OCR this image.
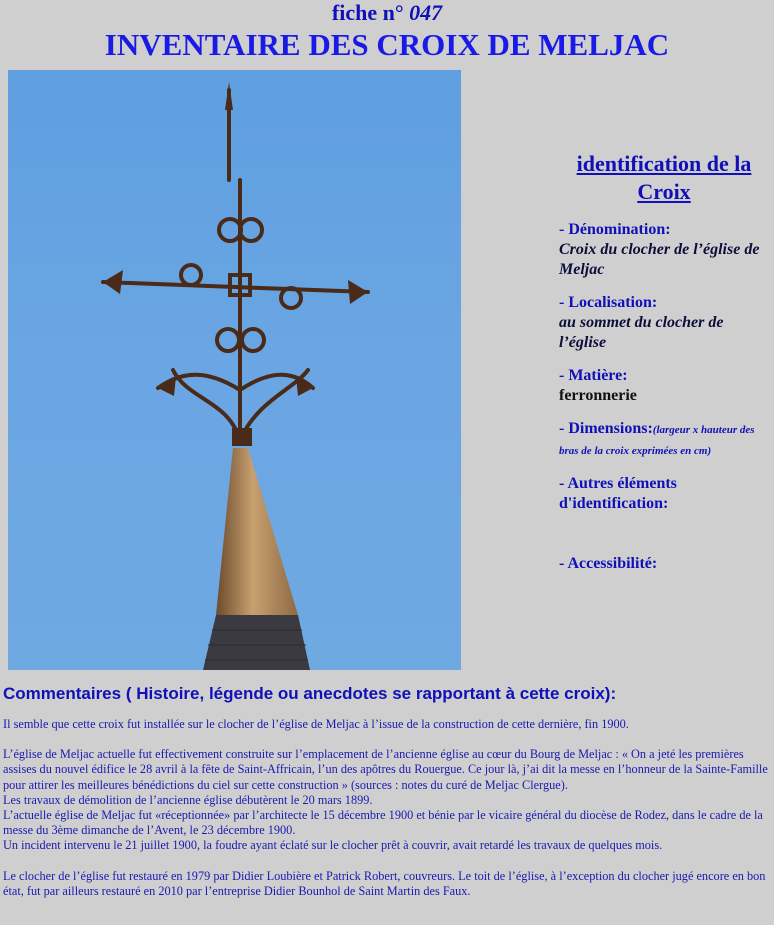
fiche n° 047
INVENTAIRE DES CROIX DE MELJAC
identification de la Croix
- Dénomination:
Croix du clocher de l’église de Meljac
- Localisation:
au sommet du clocher de l’église
- Matière:
ferronnerie
- Dimensions:(largeur x hauteur des bras de la croix exprimées en cm)
- Autres éléments d'identification:
- Accessibilité:
Commentaires ( Histoire, légende ou anecdotes se rapportant à cette croix):

Il semble que cette croix fut installée sur le clocher de l’église de Meljac à l’issue de la construction de cette dernière, fin 1900.

L’église de Meljac actuelle fut effectivement construite sur l’emplacement de l’ancienne église au cœur du Bourg de Meljac : « On a jeté les premières assises du nouvel édifice le 28 avril à la fête de Saint-Affricain, l’un des apôtres du Rouergue. Ce jour là, j’ai dit la messe en l’honneur de la Sainte-Famille pour attirer les meilleures bénédictions du ciel sur cette construction » (sources : notes du curé de Meljac Clergue).

Les travaux de démolition de l’ancienne église débutèrent le 20 mars 1899.

L’actuelle église de Meljac fut «réceptionnée» par l’architecte le 15 décembre 1900 et bénie par le vicaire général du diocèse de Rodez, dans le cadre de la messe du 3ème dimanche de l’Avent, le 23 décembre 1900.

Un incident intervenu le 21 juillet 1900, la foudre ayant éclaté sur le clocher prêt à couvrir, avait retardé les travaux de quelques mois.

Le clocher de l’église fut restauré en 1979 par Didier Loubière et Patrick Robert, couvreurs. Le toit de l’église, à l’exception du clocher jugé encore en bon état, fut par ailleurs restauré en 2010 par l’entreprise Didier Bounhol de Saint Martin des Faux.
